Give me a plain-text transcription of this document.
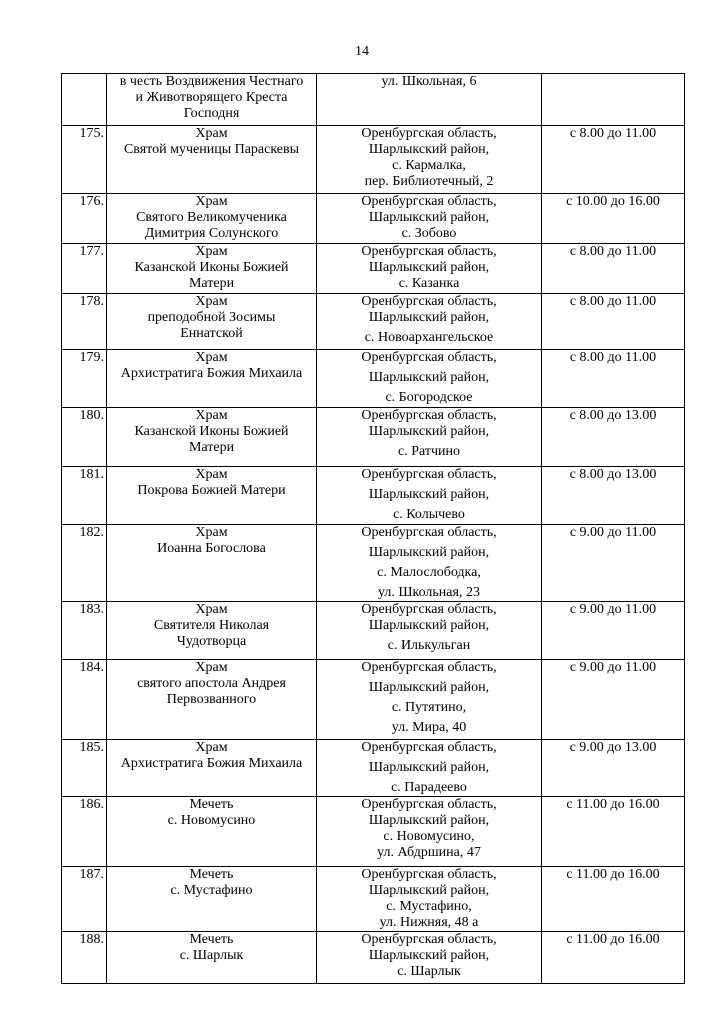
14

	в честь Воздвижения Честнаго
и Животворящего Креста
Господня	ул. Школьная, 6	

175.	Храм
Святой мученицы Параскевы	Оренбургская область,
Шарлыкский район,
с. Кармалка,
пер. Библиотечный, 2	с 8.00 до 11.00
176.	Храм
Святого Великомученика
Димитрия Солунского	Оренбургская область,
Шарлыкский район,
с. Зобово	с 10.00 до 16.00
177.	Храм
Казанской Иконы Божией
Матери	Оренбургская область,
Шарлыкский район,
с. Казанка	с 8.00 до 11.00
178.	Храм
преподобной Зосимы
Еннатской	Оренбургская область,
Шарлыкский район,
с. Новоархангельское	с 8.00 до 11.00
179.	Храм
Архистратига Божия Михаила	Оренбургская область,
Шарлыкский район,
с. Богородское	с 8.00 до 11.00
180.	Храм
Казанской Иконы Божией
Матери	Оренбургская область,
Шарлыкский район,
с. Ратчино	с 8.00 до 13.00
181.	Храм
Покрова Божией Матери	Оренбургская область,
Шарлыкский район,
с. Колычево	с 8.00 до 13.00
182.	Храм
Иоанна Богослова	Оренбургская область,
Шарлыкский район,
с. Малослободка,
ул. Школьная, 23	с 9.00 до 11.00
183.	Храм
Святителя Николая
Чудотворца	Оренбургская область,
Шарлыкский район,
с. Илькульган	с 9.00 до 11.00
184.	Храм
святого апостола Андрея
Первозванного	Оренбургская область,
Шарлыкский район,
с. Путятино,
ул. Мира, 40	с 9.00 до 11.00
185.	Храм
Архистратига Божия Михаила	Оренбургская область,
Шарлыкский район,
с. Парадеево	с 9.00 до 13.00
186.	Мечеть
с. Новомусино	Оренбургская область,
Шарлыкский район,
с. Новомусино,
ул. Абдршина, 47	с 11.00 до 16.00
187.	Мечеть
с. Мустафино	Оренбургская область,
Шарлыкский район,
с. Мустафино,
ул. Нижняя, 48 а	с 11.00 до 16.00
188.	Мечеть
с. Шарлык	Оренбургская область,
Шарлыкский район,
с. Шарлык	с 11.00 до 16.00
